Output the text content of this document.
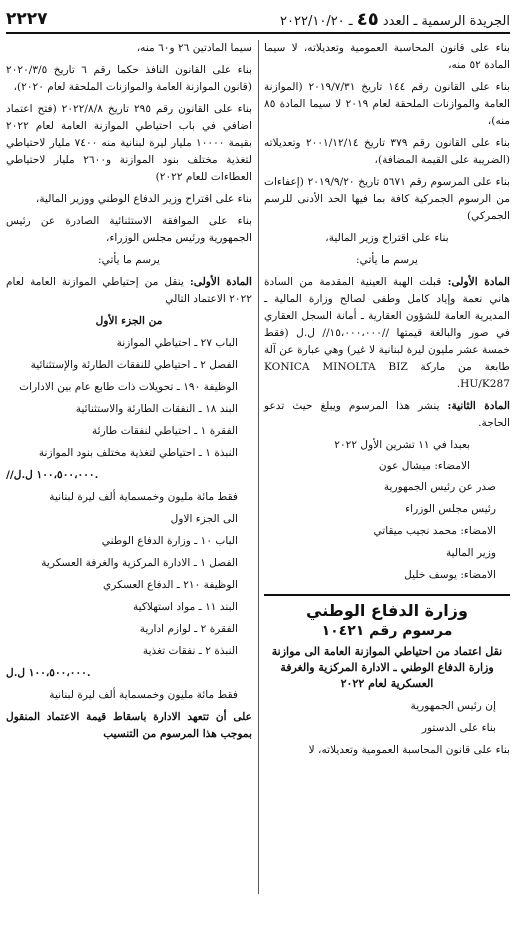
الجريدة الرسمية ـ العدد ٤٥ ـ ٢٠٢٢/١٠/٢٠
٢٢٢٧

بناء على قانون المحاسبة العمومية وتعديلاته، لا سيما المادة ٥٢ منه،

بناء على القانون رقم ١٤٤ تاريخ ٢٠١٩/٧/٣١ (الموازنة العامة والموازنات الملحقة لعام ٢٠١٩ لا سيما المادة ٨٥ منه)،

بناء على القانون رقم ٣٧٩ تاريخ ٢٠٠١/١٢/١٤ وتعديلاته (الضريبة على القيمة المضافة)،

بناء على المرسوم رقم ٥٦٧١ تاريخ ٢٠١٩/٩/٢٠ (إعفاءات من الرسوم الجمركية كافة بما فيها الحد الأدنى للرسم الجمركي)

بناء على اقتراح وزير المالية،

يرسم ما يأتي:

المادة الأولى: قبلت الهبة العينية المقدمة من السادة هاني نعمة وإياد كامل وطفى لصالح وزارة المالية ـ المديرية العامة للشؤون العقارية ـ أمانة السجل العقاري في صور والبالغة قيمتها //١٥،٠٠٠،٠٠٠// ل.ل (فقط خمسة عشر مليون ليرة لبنانية لا غير) وهي عبارة عن آلة طابعة من ماركة KONICA MINOLTA BIZ HU/K287.

المادة الثانية: ينشر هذا المرسوم ويبلغ حيث تدعو الحاجة.

بعبدا في ١١ تشرين الأول ٢٠٢٢

الامضاء: ميشال عون

صدر عن رئيس الجمهورية

رئيس مجلس الوزراء

الامضاء: محمد نجيب ميقاتي

وزير المالية

الامضاء: يوسف خليل

وزارة الدفاع الوطني
مرسوم رقم ١٠٤٢١
نقل اعتماد من احتياطي الموازنة العامة الى موازنة وزارة الدفاع الوطني ـ الادارة المركزية والغرفة العسكرية لعام ٢٠٢٢

إن رئيس الجمهورية

بناء على الدستور

بناء على قانون المحاسبة العمومية وتعديلاته، لا

سيما المادتين ٢٦ و٦٠ منه،

بناء على القانون النافذ حكما رقم ٦ تاريخ ٢٠٢٠/٣/٥ (قانون الموازنة العامة والموازنات الملحقة لعام ٢٠٢٠)،

بناء على القانون رقم ٢٩٥ تاريخ ٢٠٢٢/٨/٨ (فتح اعتماد اضافي في باب احتياطي الموازنة العامة لعام ٢٠٢٢ بقيمة ١٠٠٠٠ مليار ليرة لبنانية منه ٧٤٠٠ مليار لاحتياطي لتغذية مختلف بنود الموازنة و٢٦٠٠ مليار لاحتياطي العطاءات للعام ٢٠٢٢)

بناء على اقتراح وزير الدفاع الوطني ووزير المالية،

بناء على الموافقة الاستثنائية الصادرة عن رئيس الجمهورية ورئيس مجلس الوزراء،

يرسم ما يأتي:

المادة الأولى: ينقل من إحتياطي الموازنة العامة لعام ٢٠٢٢ الاعتماد التالي

من الجزء الأول

الباب ٢٧ ـ احتياطي الموازنة

الفصل ٢ ـ احتياطي للنفقات الطارئة والإستثنائية

الوظيفة ١٩٠ ـ تحويلات ذات طابع عام بين الادارات

البند ١٨ ـ النفقات الطارئة والاستثنائية

الفقرة ١ ـ احتياطي لنفقات طارئة

النبذة ١ ـ احتياطي لتغذية مختلف بنود الموازنة

//١٠٠،٥٠٠،٠٠٠ ل.ل.

فقط مائة مليون وخمسماية ألف ليرة لبنانية

الى الجزء الاول

الباب ١٠ ـ وزارة الدفاع الوطني

الفصل ١ ـ الادارة المركزية والغرفة العسكرية

الوظيفة ٢١٠ ـ الدفاع العسكري

البند ١١ ـ مواد استهلاكية

الفقرة ٢ ـ لوازم ادارية

النبذة ٢ ـ نفقات تغذية

١٠٠،٥٠٠،٠٠٠ ل.ل.

فقط مائة مليون وخمسماية ألف ليرة لبنانية

على أن تتعهد الادارة باسقاط قيمة الاعتماد المنقول بموجب هذا المرسوم من التنسيب
